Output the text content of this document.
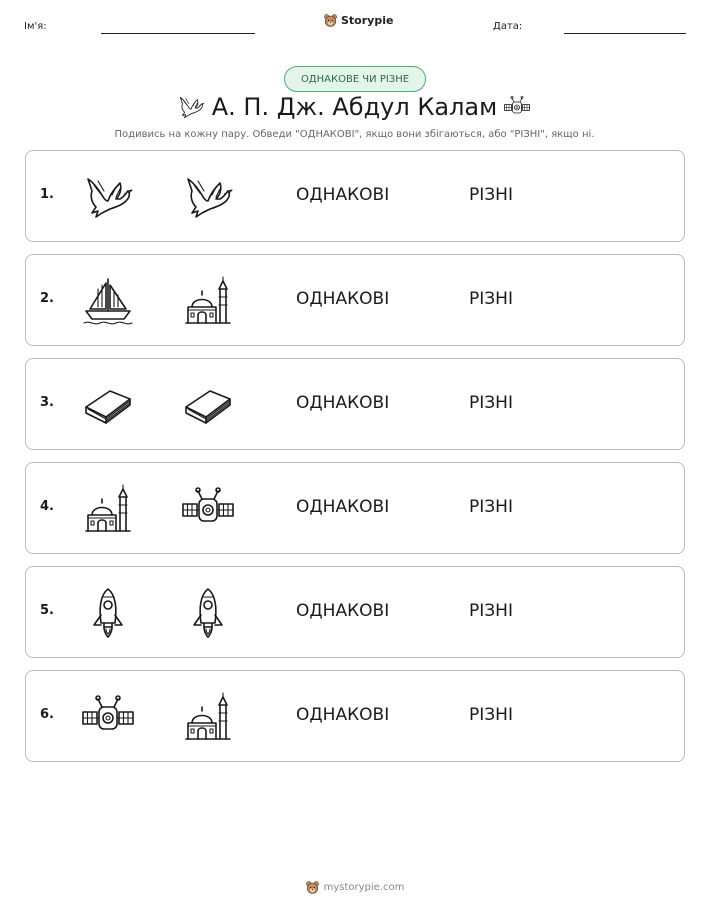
Ім'я:	Storypie	Дата:
ОДНАКОВЕ ЧИ РІЗНЕ
А. П. Дж. Абдул Калам
Подивись на кожну пару. Обведи "ОДНАКОВІ", якщо вони збігаються, або "РІЗНІ", якщо ні.
1.	ОДНАКОВІ	РІЗНІ
2.	ОДНАКОВІ	РІЗНІ
3.	ОДНАКОВІ	РІЗНІ
4.	ОДНАКОВІ	РІЗНІ
5.	ОДНАКОВІ	РІЗНІ
6.	ОДНАКОВІ	РІЗНІ
mystorypie.com
